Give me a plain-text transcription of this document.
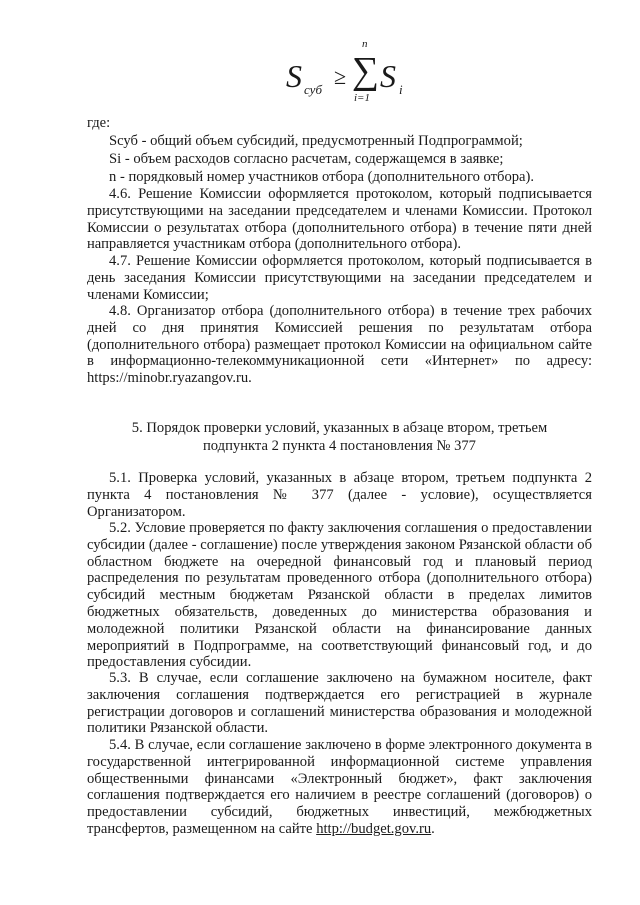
S суб
≥
n
∑
i=1
S i

где:

Sсуб - общий объем субсидий, предусмотренный Подпрограммой;

Si - объем расходов согласно расчетам, содержащемся в заявке;

n - порядковый номер участников отбора (дополнительного отбора).

4.6. Решение Комиссии оформляется протоколом, который подписывается присутствующими на заседании председателем и членами Комиссии. Протокол Комиссии о результатах отбора (дополнительного отбора) в течение пяти дней направляется участникам отбора (дополнительного отбора).

4.7. Решение Комиссии оформляется протоколом, который подписывается в день заседания Комиссии присутствующими на заседании председателем и членами Комиссии;

4.8. Организатор отбора (дополнительного отбора) в течение трех рабочих дней со дня принятия Комиссией решения по результатам отбора (дополнительного отбора) размещает протокол Комиссии на официальном сайте в информационно-телекоммуникационной сети «Интернет» по адресу: https://minobr.ryazangov.ru.

5. Порядок проверки условий, указанных в абзаце втором, третьем

подпункта 2 пункта 4 постановления № 377

5.1. Проверка условий, указанных в абзаце втором, третьем подпункта 2 пункта 4 постановления № 377 (далее - условие), осуществляется Организатором.

5.2. Условие проверяется по факту заключения соглашения о предоставлении субсидии (далее - соглашение) после утверждения законом Рязанской области об областном бюджете на очередной финансовый год и плановый период распределения по результатам проведенного отбора (дополнительного отбора) субсидий местным бюджетам Рязанской области в пределах лимитов бюджетных обязательств, доведенных до министерства образования и молодежной политики Рязанской области на финансирование данных мероприятий в Подпрограмме, на соответствующий финансовый год, и до предоставления субсидии.

5.3. В случае, если соглашение заключено на бумажном носителе, факт заключения соглашения подтверждается его регистрацией в журнале регистрации договоров и соглашений министерства образования и молодежной политики Рязанской области.

5.4. В случае, если соглашение заключено в форме электронного документа в государственной интегрированной информационной системе управления общественными финансами «Электронный бюджет», факт заключения соглашения подтверждается его наличием в реестре соглашений (договоров) о предоставлении субсидий, бюджетных инвестиций, межбюджетных трансфертов, размещенном на сайте http://budget.gov.ru.
